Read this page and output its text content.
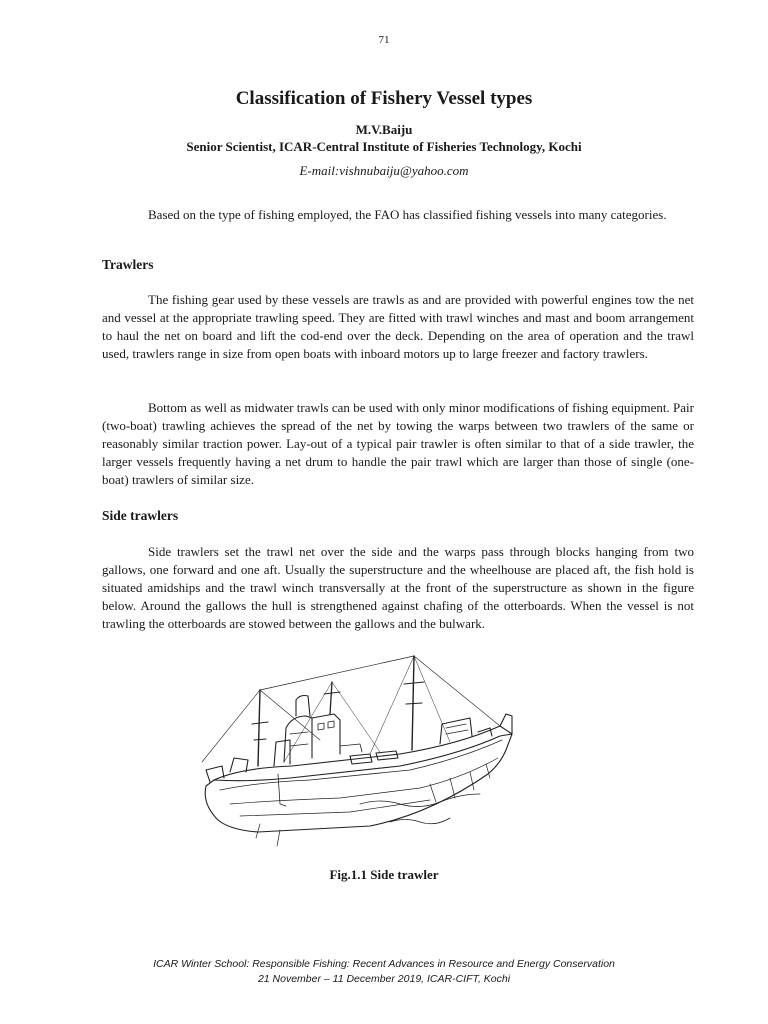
71
Classification of Fishery Vessel types
M.V.Baiju
Senior Scientist, ICAR-Central Institute of Fisheries Technology, Kochi
E-mail:vishnubaiju@yahoo.com

Based on the type of fishing employed, the FAO has classified fishing vessels into many categories.

Trawlers

The fishing gear used by these vessels are trawls as and are provided with powerful engines tow the net and vessel at the appropriate trawling speed. They are fitted with trawl winches and mast and boom arrangement to haul the net on board and lift the cod-end over the deck. Depending on the area of operation and the trawl used, trawlers range in size from open boats with inboard motors up to large freezer and factory trawlers.

Bottom as well as midwater trawls can be used with only minor modifications of fishing equipment. Pair (two-boat) trawling achieves the spread of the net by towing the warps between two trawlers of the same or reasonably similar traction power. Lay-out of a typical pair trawler is often similar to that of a side trawler, the larger vessels frequently having a net drum to handle the pair trawl which are larger than those of single (one-boat) trawlers of similar size.

Side trawlers

Side trawlers set the trawl net over the side and the warps pass through blocks hanging from two gallows, one forward and one aft. Usually the superstructure and the wheelhouse are placed aft, the fish hold is situated amidships and the trawl winch transversally at the front of the superstructure as shown in the figure below. Around the gallows the hull is strengthened against chafing of the otterboards. When the vessel is not trawling the otterboards are stowed between the gallows and the bulwark.

Fig.1.1 Side trawler
ICAR Winter School: Responsible Fishing: Recent Advances in Resource and Energy Conservation
21 November – 11 December 2019, ICAR-CIFT, Kochi
